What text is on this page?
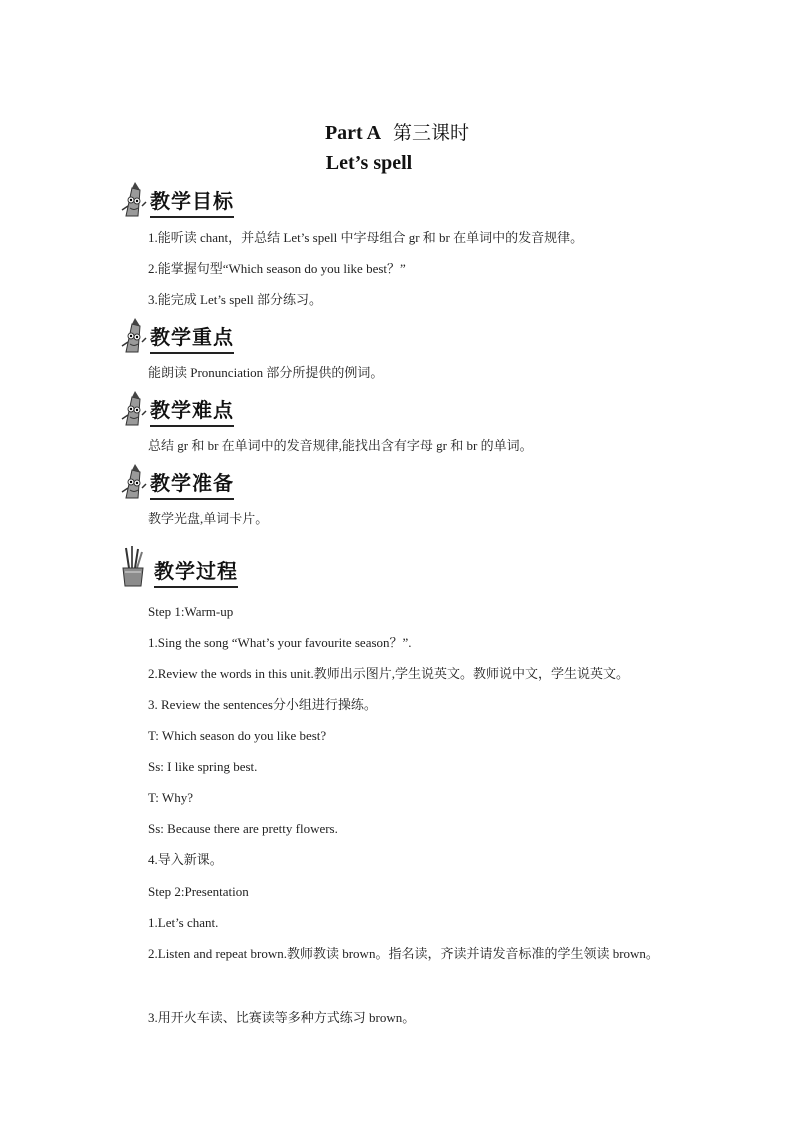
Part A 第三课时
Let’s spell
教学目标
1.能听读 chant，并总结 Let’s spell 中字母组合 gr 和 br 在单词中的发音规律。
2.能掌握句型“Which season do you like best？”
3.能完成 Let’s spell 部分练习。
教学重点
能朗读 Pronunciation 部分所提供的例词。
教学难点
总结 gr 和 br 在单词中的发音规律,能找出含有字母 gr 和 br 的单词。
教学准备
教学光盘,单词卡片。
教学过程
Step 1:Warm-up
1.Sing the song “What’s your favourite season？”.
2.Review the words in this unit.教师出示图片,学生说英文。教师说中文，学生说英文。
3. Review the sentences分小组进行操练。
T: Which season do you like best?
Ss: I like spring best.
T: Why?
Ss: Because there are pretty flowers.
4.导入新课。
Step 2:Presentation
1.Let’s chant.
2.Listen and repeat brown.教师教读 brown。指名读，齐读并请发音标准的学生领读 brown。
3.用开火车读、比赛读等多种方式练习 brown。
